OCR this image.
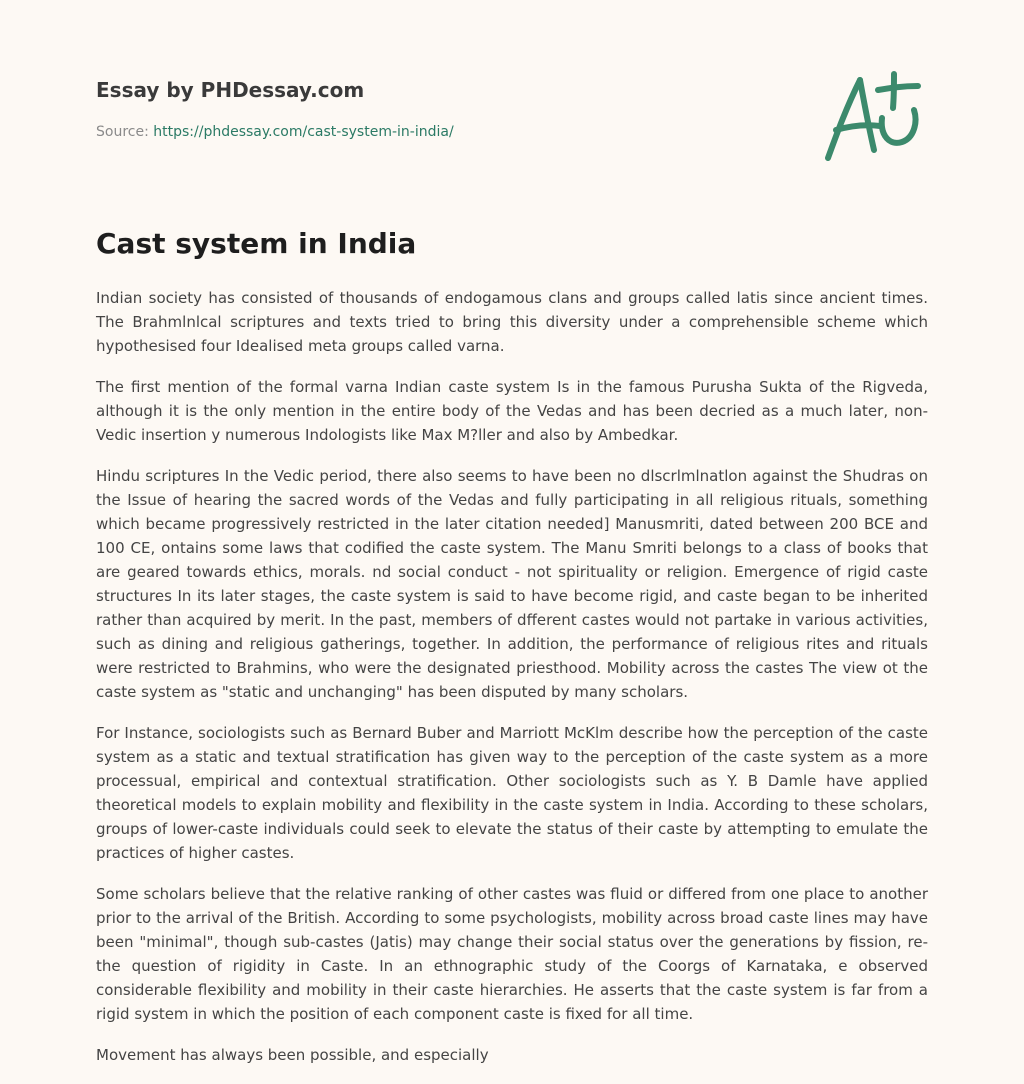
Essay by PHDessay.com
Source: https://phdessay.com/cast-system-in-india/
Cast system in India

Indian society has consisted of thousands of endogamous clans and groups called latis since ancient times. The Brahmlnlcal scriptures and texts tried to bring this diversity under a comprehensible scheme which hypothesised four Idealised meta groups called varna.

The first mention of the formal varna Indian caste system Is in the famous Purusha Sukta of the Rigveda, although it is the only mention in the entire body of the Vedas and has been decried as a much later, non-Vedic insertion y numerous Indologists like Max M?ller and also by Ambedkar.

Hindu scriptures In the Vedic period, there also seems to have been no dlscrlmlnatlon against the Shudras on the Issue of hearing the sacred words of the Vedas and fully participating in all religious rituals, something which became progressively restricted in the later citation needed] Manusmriti, dated between 200 BCE and 100 CE, ontains some laws that codified the caste system. The Manu Smriti belongs to a class of books that are geared towards ethics, morals. nd social conduct - not spirituality or religion. Emergence of rigid caste structures In its later stages, the caste system is said to have become rigid, and caste began to be inherited rather than acquired by merit. In the past, members of dfferent castes would not partake in various activities, such as dining and religious gatherings, together. In addition, the performance of religious rites and rituals were restricted to Brahmins, who were the designated priesthood. Mobility across the castes The view ot the caste system as "static and unchanging" has been disputed by many scholars.

For Instance, sociologists such as Bernard Buber and Marriott McKlm describe how the perception of the caste system as a static and textual stratification has given way to the perception of the caste system as a more processual, empirical and contextual stratification. Other sociologists such as Y. B Damle have applied theoretical models to explain mobility and flexibility in the caste system in India. According to these scholars, groups of lower-caste individuals could seek to elevate the status of their caste by attempting to emulate the practices of higher castes.

Some scholars believe that the relative ranking of other castes was fluid or differed from one place to another prior to the arrival of the British. According to some psychologists, mobility across broad caste lines may have been "minimal", though sub-castes (Jatis) may change their social status over the generations by fission, re- the question of rigidity in Caste. In an ethnographic study of the Coorgs of Karnataka, e observed considerable flexibility and mobility in their caste hierarchies. He asserts that the caste system is far from a rigid system in which the position of each component caste is fixed for all time.

Movement has always been possible, and especially
